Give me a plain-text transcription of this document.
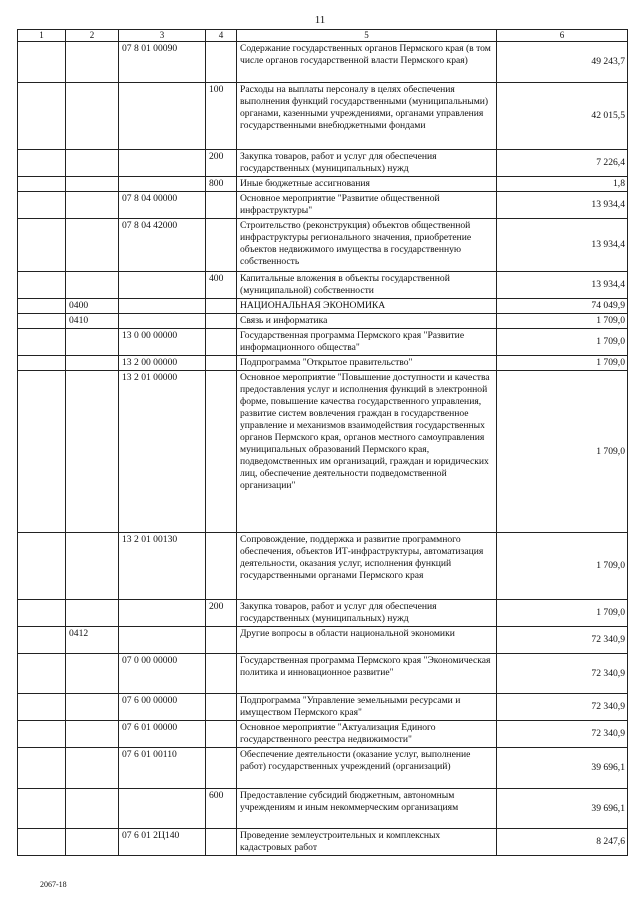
11
1	2	3	4	5	6
		07 8 01 00090		Содержание государственных органов Пермского края (в том числе органов государственной власти Пермского края)	49 243,7
			100	Расходы на выплаты персоналу в целях обеспечения выполнения функций государственными (муниципальными) органами, казенными учреждениями, органами управления государственными внебюджетными фондами	42 015,5
			200	Закупка товаров, работ и услуг для обеспечения государственных (муниципальных) нужд	7 226,4
			800	Иные бюджетные ассигнования	1,8
		07 8 04 00000		Основное мероприятие "Развитие общественной инфраструктуры"	13 934,4
		07 8 04 42000		Строительство (реконструкция) объектов общественной инфраструктуры регионального значения, приобретение объектов недвижимого имущества в государственную собственность	13 934,4
			400	Капитальные вложения в объекты государственной (муниципальной) собственности	13 934,4
	0400			НАЦИОНАЛЬНАЯ ЭКОНОМИКА	74 049,9
	0410			Связь и информатика	1 709,0
		13 0 00 00000		Государственная программа Пермского края "Развитие информационного общества"	1 709,0
		13 2 00 00000		Подпрограмма "Открытое правительство"	1 709,0
		13 2 01 00000		Основное мероприятие "Повышение доступности и качества предоставления услуг и исполнения функций в электронной форме, повышение качества государственного управления, развитие систем вовлечения граждан в государственное управление и механизмов взаимодействия государственных органов Пермского края, органов местного самоуправления муниципальных образований Пермского края, подведомственных им организаций, граждан и юридических лиц, обеспечение деятельности подведомственной организации"	1 709,0
		13 2 01 00130		Сопровождение, поддержка и развитие программного обеспечения, объектов ИТ-инфраструктуры, автоматизация деятельности, оказания услуг, исполнения функций государственными органами Пермского края	1 709,0
			200	Закупка товаров, работ и услуг для обеспечения государственных (муниципальных) нужд	1 709,0
	0412			Другие вопросы в области национальной экономики	72 340,9
		07 0 00 00000		Государственная программа Пермского края "Экономическая политика и инновационное развитие"	72 340,9
		07 6 00 00000		Подпрограмма "Управление земельными ресурсами и имуществом Пермского края"	72 340,9
		07 6 01 00000		Основное мероприятие "Актуализация Единого государственного реестра недвижимости"	72 340,9
		07 6 01 00110		Обеспечение деятельности (оказание услуг, выполнение работ) государственных учреждений (организаций)	39 696,1
			600	Предоставление субсидий бюджетным, автономным учреждениям и иным некоммерческим организациям	39 696,1
		07 6 01 2Ц140		Проведение землеустроительных и комплексных кадастровых работ	8 247,6
2067-18
